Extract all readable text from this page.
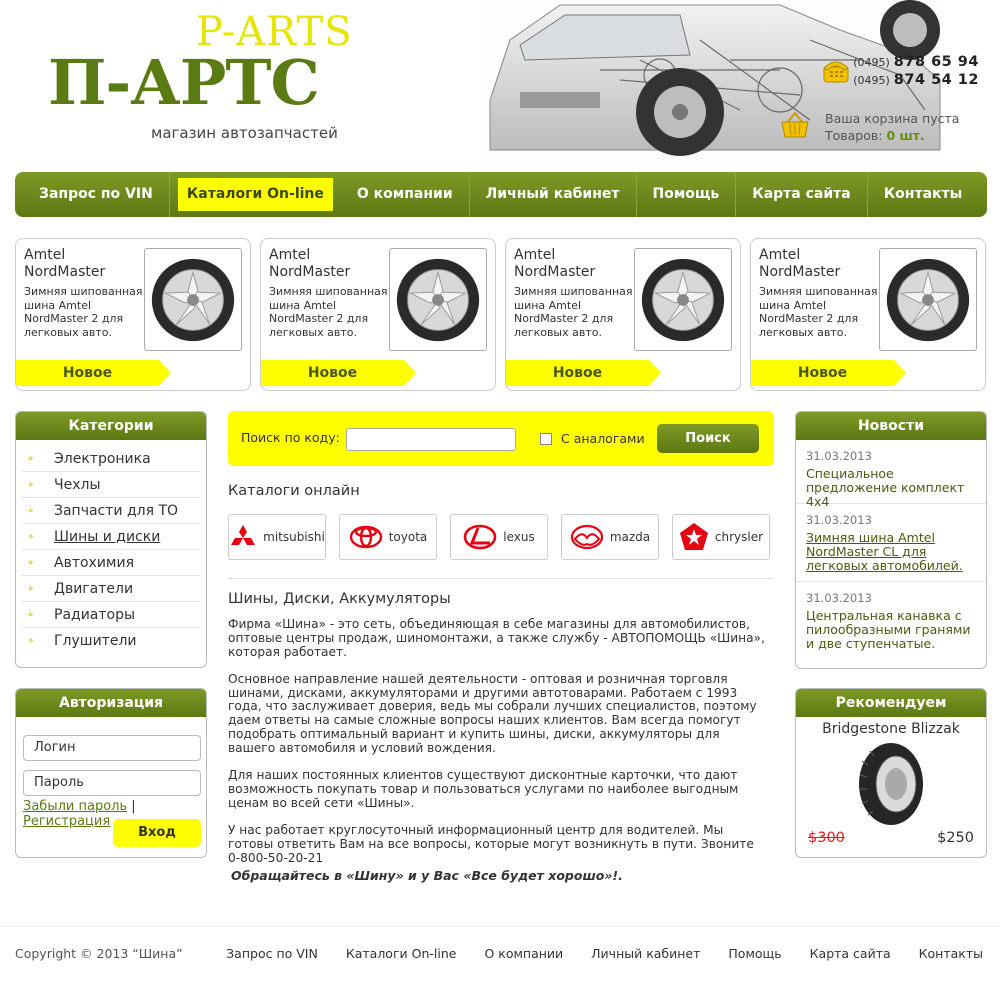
P-ARTS
П-АРТС
магазин автозапчастей
(0495) 878 65 94
(0495) 874 54 12
Ваша корзина пуста
Товаров: 0 шт.
Запрос по VIN	Каталоги On-line	О компании	Личный кабинет	Помощь	Карта сайта	Контакты
Amtel NordMaster
Зимняя шипованная шина Amtel NordMaster 2 для легковых авто.
Новое
Amtel NordMaster
Зимняя шипованная шина Amtel NordMaster 2 для легковых авто.
Новое
Amtel NordMaster
Зимняя шипованная шина Amtel NordMaster 2 для легковых авто.
Новое
Amtel NordMaster
Зимняя шипованная шина Amtel NordMaster 2 для легковых авто.
Новое
Категории
» Электроника
» Чехлы
» Запчасти для ТО
» Шины и диски
» Автохимия
» Двигатели
» Радиаторы
» Глушители
Авторизация
Логин
Пароль
Забыли пароль | Регистрация
Вход
Поиск по коду:	С аналогами	Поиск
Каталоги онлайн
mitsubishi	toyota	lexus	mazda	chrysler
Шины, Диски, Аккумуляторы

Фирма «Шина» - это сеть, объединяющая в себе магазины для автомобилистов, оптовые центры продаж, шиномонтажи, а также службу - АВТОПОМОЩЬ «Шина», которая работает.

Основное направление нашей деятельности - оптовая и розничная торговля шинами, дисками, аккумуляторами и другими автотоварами. Работаем с 1993 года, что заслуживает доверия, ведь мы собрали лучших специалистов, поэтому даем ответы на самые сложные вопросы наших клиентов. Вам всегда помогут подобрать оптимальный вариант и купить шины, диски, аккумуляторы для вашего автомобиля и условий вождения.

Для наших постоянных клиентов существуют дисконтные карточки, что дают возможность покупать товар и пользоваться услугами по наиболее выгодным ценам во всей сети «Шины».

У нас работает круглосуточный информационный центр для водителей. Мы готовы ответить Вам на все вопросы, которые могут возникнуть в пути. Звоните 0-800-50-20-21

Обращайтесь в «Шину» и у Вас «Все будет хорошо»!.
Новости
31.03.2013
Специальное предложение комплект 4x4
31.03.2013
Зимняя шина Amtel NordMaster CL для легковых автомобилей.
31.03.2013
Центральная канавка с пилообразными гранями и две ступенчатые.
Рекомендуем
Bridgestone Blizzak
$300	$250
Copyright © 2013 “Шина”	Запрос по VIN Каталоги On-line О компании Личный кабинет Помощь Карта сайта Контакты
